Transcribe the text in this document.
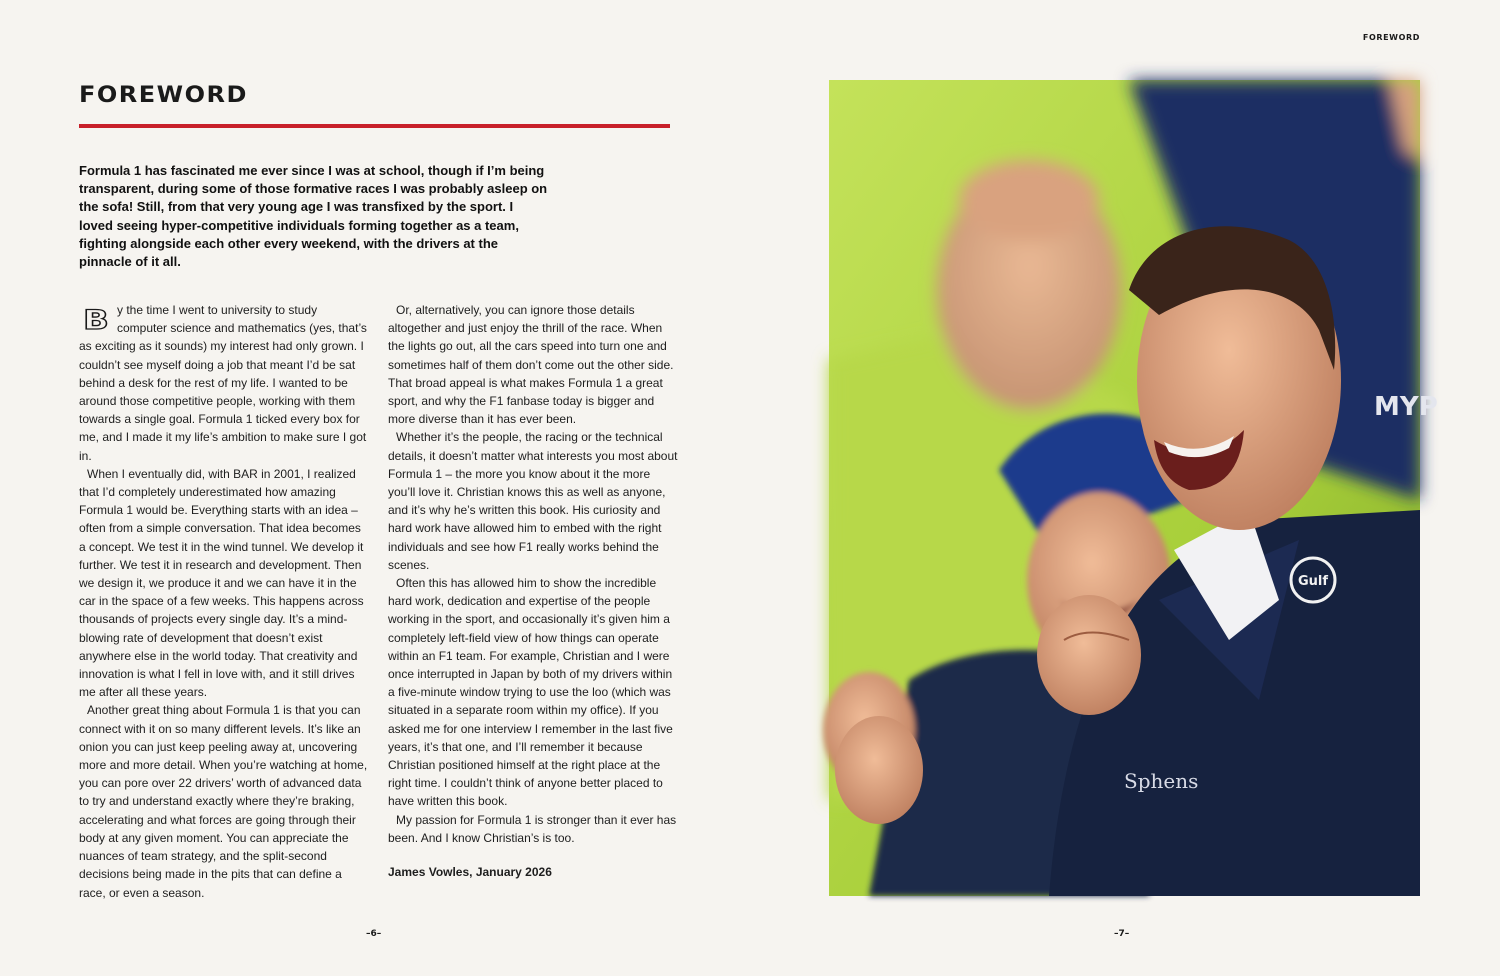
FOREWORD
FOREWORD

Formula 1 has fascinated me ever since I was at school, though if I’m being transparent, during some of those formative races I was probably asleep on the sofa! Still, from that very young age I was transfixed by the sport. I loved seeing hyper-competitive individuals forming together as a team, fighting alongside each other every weekend, with the drivers at the pinnacle of it all.

B y the time I went to university to study computer science and mathematics (yes, that’s as exciting as it sounds) my interest had only grown. I couldn’t see myself doing a job that meant I’d be sat behind a desk for the rest of my life. I wanted to be around those competitive people, working with them towards a single goal. Formula 1 ticked every box for me, and I made it my life’s ambition to make sure I got in.

When I eventually did, with BAR in 2001, I realized that I’d completely underestimated how amazing Formula 1 would be. Everything starts with an idea – often from a simple conversation. That idea becomes a concept. We test it in the wind tunnel. We develop it further. We test it in research and development. Then we design it, we produce it and we can have it in the car in the space of a few weeks. This happens across thousands of projects every single day. It’s a mind-blowing rate of development that doesn’t exist anywhere else in the world today. That creativity and innovation is what I fell in love with, and it still drives me after all these years.

Another great thing about Formula 1 is that you can connect with it on so many different levels. It’s like an onion you can just keep peeling away at, uncovering more and more detail. When you’re watching at home, you can pore over 22 drivers’ worth of advanced data to try and understand exactly where they’re braking, accelerating and what forces are going through their body at any given moment. You can appreciate the nuances of team strategy, and the split-second decisions being made in the pits that can define a race, or even a season.

Or, alternatively, you can ignore those details altogether and just enjoy the thrill of the race. When the lights go out, all the cars speed into turn one and sometimes half of them don’t come out the other side. That broad appeal is what makes Formula 1 a great sport, and why the F1 fanbase today is bigger and more diverse than it has ever been.

Whether it’s the people, the racing or the technical details, it doesn’t matter what interests you most about Formula 1 – the more you know about it the more you’ll love it. Christian knows this as well as anyone, and it’s why he’s written this book. His curiosity and hard work have allowed him to embed with the right individuals and see how F1 really works behind the scenes.

Often this has allowed him to show the incredible hard work, dedication and expertise of the people working in the sport, and occasionally it’s given him a completely left-field view of how things can operate within an F1 team. For example, Christian and I were once interrupted in Japan by both of my drivers within a five-minute window trying to use the loo (which was situated in a separate room within my office). If you asked me for one interview I remember in the last five years, it’s that one, and I’ll remember it because Christian positioned himself at the right place at the right time. I couldn’t think of anyone better placed to have written this book.

My passion for Formula 1 is stronger than it ever has been. And I know Christian’s is too.

James Vowles, January 2026

Gulf
Sphens
MYP
–6–	–7–
